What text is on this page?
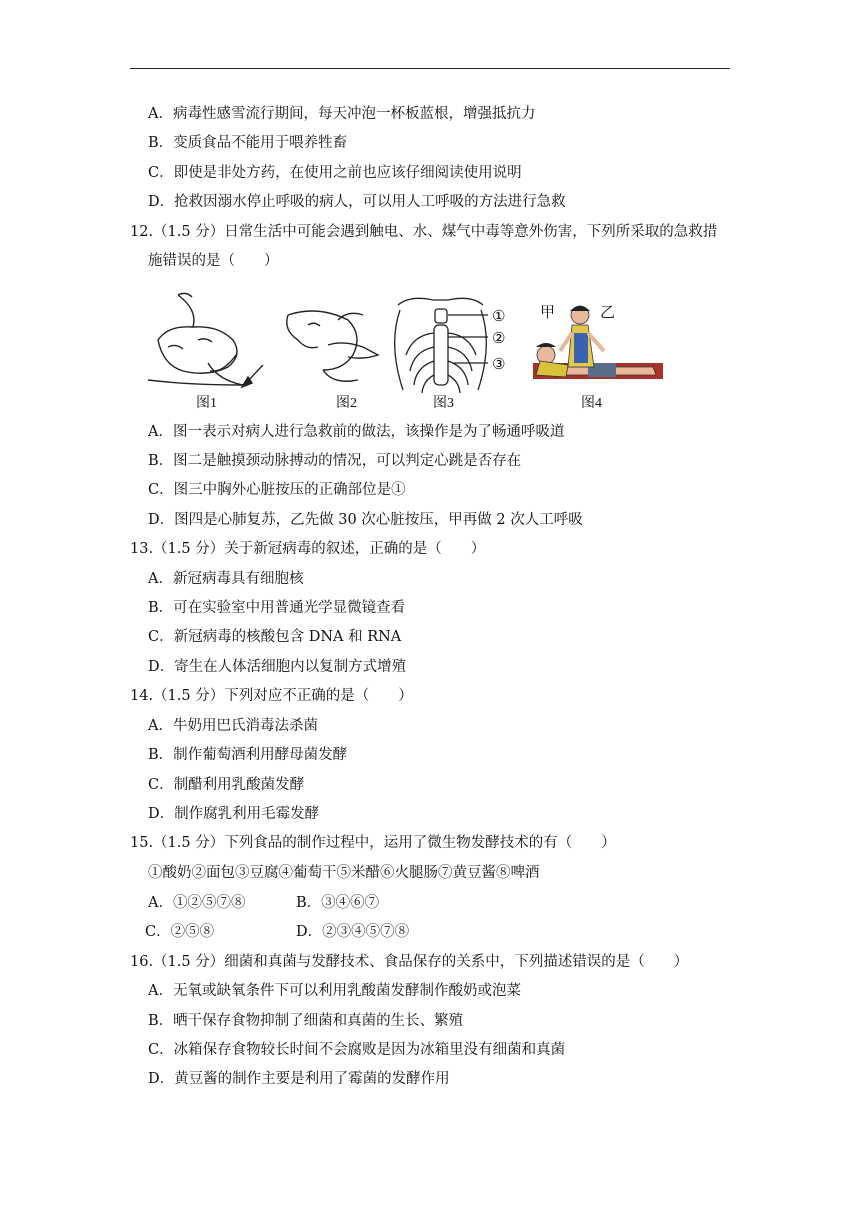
A．病毒性感雪流行期间，每天冲泡一杯板蓝根，增强抵抗力
B．变质食品不能用于喂养牲畜
C．即使是非处方药，在使用之前也应该仔细阅读使用说明
D．抢救因溺水停止呼吸的病人，可以用人工呼吸的方法进行急救
12.（1.5 分）日常生活中可能会遇到触电、水、煤气中毒等意外伤害，下列所采取的急救措
施错误的是（　　）
①
②
③
甲	乙
图1	图2	图3	图4
A．图一表示对病人进行急救前的做法，该操作是为了畅通呼吸道
B．图二是触摸颈动脉搏动的情况，可以判定心跳是否存在
C．图三中胸外心脏按压的正确部位是①
D．图四是心肺复苏，乙先做 30 次心脏按压，甲再做 2 次人工呼吸
13.（1.5 分）关于新冠病毒的叙述，正确的是（　　）
A．新冠病毒具有细胞核
B．可在实验室中用普通光学显微镜查看
C．新冠病毒的核酸包含 DNA 和 RNA
D．寄生在人体活细胞内以复制方式增殖
14.（1.5 分）下列对应不正确的是（　　）
A．牛奶用巴氏消毒法杀菌
B．制作葡萄酒利用酵母菌发酵
C．制醋利用乳酸菌发酵
D．制作腐乳利用毛霉发酵
15.（1.5 分）下列食品的制作过程中，运用了微生物发酵技术的有（　　）
①酸奶②面包③豆腐④葡萄干⑤米醋⑥火腿肠⑦黄豆酱⑧啤酒
A．①②⑤⑦⑧	B．③④⑥⑦
C．②⑤⑧	D．②③④⑤⑦⑧
16.（1.5 分）细菌和真菌与发酵技术、食品保存的关系中，下列描述错误的是（　　）
A．无氧或缺氧条件下可以利用乳酸菌发酵制作酸奶或泡菜
B．晒干保存食物抑制了细菌和真菌的生长、繁殖
C．冰箱保存食物较长时间不会腐败是因为冰箱里没有细菌和真菌
D．黄豆酱的制作主要是利用了霉菌的发酵作用
